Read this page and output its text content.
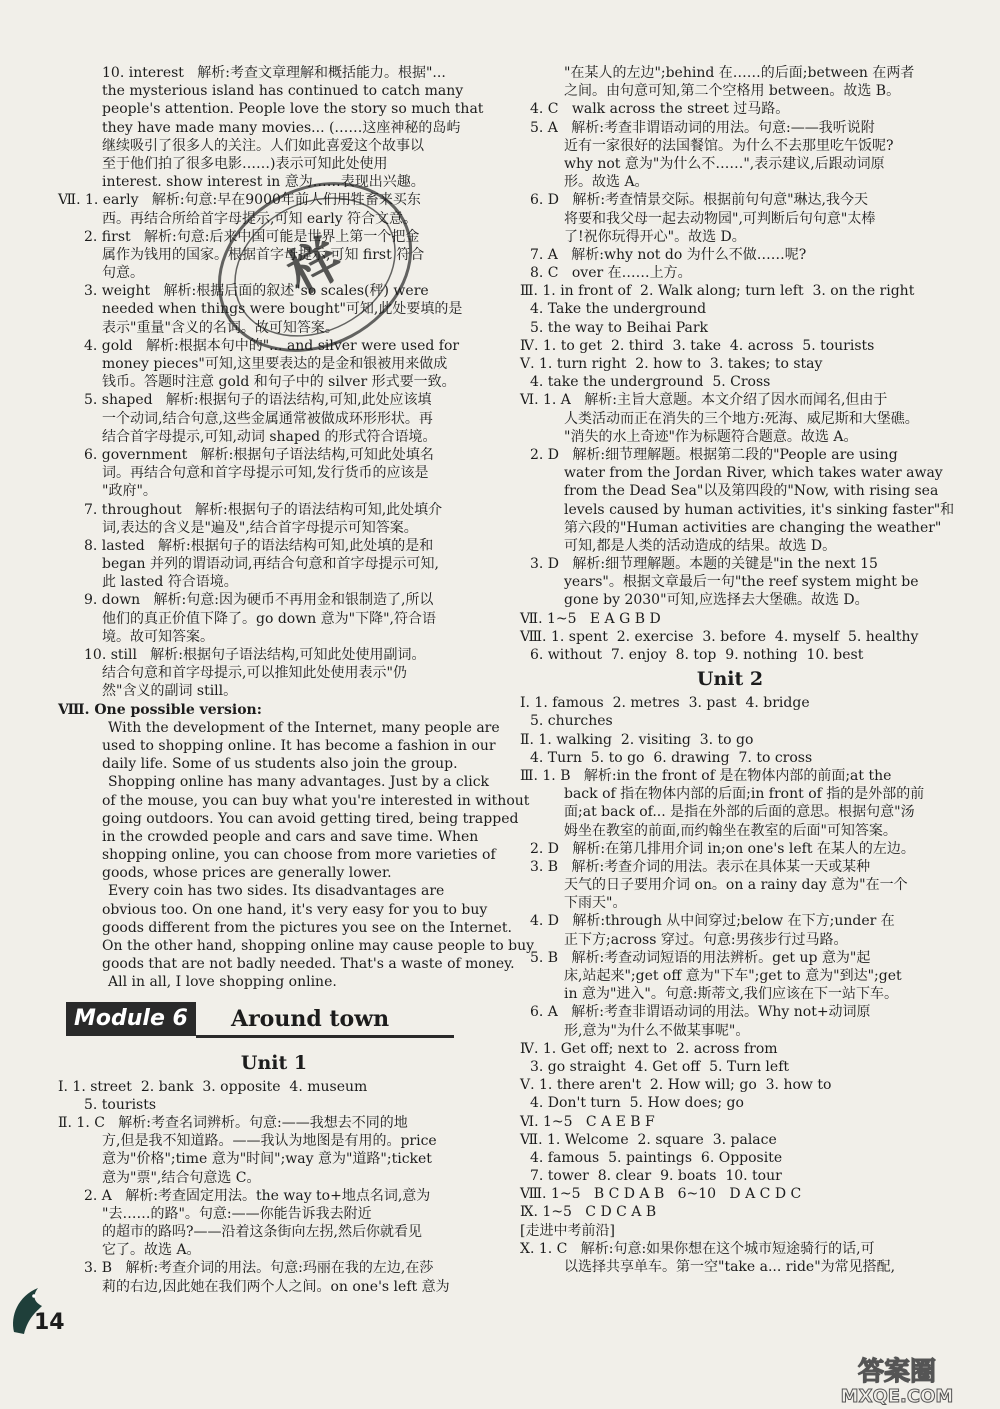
样
10. interest   解析:考查文章理解和概括能力。根据"...
the mysterious island has continued to catch many
people's attention. People love the story so much that
they have made many movies... (……这座神秘的岛屿
继续吸引了很多人的关注。人们如此喜爱这个故事以
至于他们拍了很多电影……)表示可知此处使用
interest. show interest in 意为……表现出兴趣。
Ⅶ. 1. early   解析:句意:早在9000年前人们用牲畜来买东
西。再结合所给首字母提示,可知 early 符合文意。
2. first   解析:句意:后来中国可能是世界上第一个把金
属作为钱用的国家。根据首字母提示,可知 first 符合
句意。
3. weight   解析:根据后面的叙述"so scales(秤) were
needed when things were bought"可知,此处要填的是
表示"重量"含义的名词。故可知答案。
4. gold   解析:根据本句中的"... and silver were used for
money pieces"可知,这里要表达的是金和银被用来做成
钱币。答题时注意 gold 和句子中的 silver 形式要一致。
5. shaped   解析:根据句子的语法结构,可知,此处应该填
一个动词,结合句意,这些金属通常被做成环形形状。再
结合首字母提示,可知,动词 shaped 的形式符合语境。
6. government   解析:根据句子语法结构,可知此处填名
词。再结合句意和首字母提示可知,发行货币的应该是
"政府"。
7. throughout   解析:根据句子的语法结构可知,此处填介
词,表达的含义是"遍及",结合首字母提示可知答案。
8. lasted   解析:根据句子的语法结构可知,此处填的是和
began 并列的谓语动词,再结合句意和首字母提示可知,
此 lasted 符合语境。
9. down   解析:句意:因为硬币不再用金和银制造了,所以
他们的真正价值下降了。go down 意为"下降",符合语
境。故可知答案。
10. still   解析:根据句子语法结构,可知此处使用副词。
结合句意和首字母提示,可以推知此处使用表示"仍
然"含义的副词 still。
Ⅷ. One possible version:
With the development of the Internet, many people are
used to shopping online. It has become a fashion in our
daily life. Some of us students also join the group.
Shopping online has many advantages. Just by a click
of the mouse, you can buy what you're interested in without
going outdoors. You can avoid getting tired, being trapped
in the crowded people and cars and save time. When
shopping online, you can choose from more varieties of
goods, whose prices are generally lower.
Every coin has two sides. Its disadvantages are
obvious too. On one hand, it's very easy for you to buy
goods different from the pictures you see on the Internet.
On the other hand, shopping online may cause people to buy
goods that are not badly needed. That's a waste of money.
All in all, I love shopping online.
Module 6	Around town
Unit 1
Ⅰ. 1. street  2. bank  3. opposite  4. museum
5. tourists
Ⅱ. 1. C   解析:考查名词辨析。句意:——我想去不同的地
方,但是我不知道路。——我认为地图是有用的。price
意为"价格";time 意为"时间";way 意为"道路";ticket
意为"票",结合句意选 C。
2. A   解析:考查固定用法。the way to+地点名词,意为
"去……的路"。句意:——你能告诉我去附近
的超市的路吗?——沿着这条街向左拐,然后你就看见
它了。故选 A。
3. B   解析:考查介词的用法。句意:玛丽在我的左边,在莎
莉的右边,因此她在我们两个人之间。on one's left 意为
"在某人的左边";behind 在……的后面;between 在两者
之间。由句意可知,第二个空格用 between。故选 B。
4. C   walk across the street 过马路。
5. A   解析:考查非谓语动词的用法。句意:——我听说附
近有一家很好的法国餐馆。为什么不去那里吃午饭呢?
why not 意为"为什么不……",表示建议,后跟动词原
形。故选 A。
6. D   解析:考查情景交际。根据前句句意"琳达,我今天
将要和我父母一起去动物园",可判断后句句意"太棒
了!祝你玩得开心"。故选 D。
7. A   解析:why not do 为什么不做……呢?
8. C   over 在……上方。
Ⅲ. 1. in front of  2. Walk along; turn left  3. on the right
4. Take the underground
5. the way to Beihai Park
Ⅳ. 1. to get  2. third  3. take  4. across  5. tourists
Ⅴ. 1. turn right  2. how to  3. takes; to stay
4. take the underground  5. Cross
Ⅵ. 1. A   解析:主旨大意题。本文介绍了因水而闻名,但由于
人类活动而正在消失的三个地方:死海、威尼斯和大堡礁。
"消失的水上奇迹"作为标题符合题意。故选 A。
2. D   解析:细节理解题。根据第二段的"People are using
water from the Jordan River, which takes water away
from the Dead Sea"以及第四段的"Now, with rising sea
levels caused by human activities, it's sinking faster"和
第六段的"Human activities are changing the weather"
可知,都是人类的活动造成的结果。故选 D。
3. D   解析:细节理解题。本题的关键是"in the next 15
years"。根据文章最后一句"the reef system might be
gone by 2030"可知,应选择去大堡礁。故选 D。
Ⅶ. 1~5   E A G B D
Ⅷ. 1. spent  2. exercise  3. before  4. myself  5. healthy
6. without  7. enjoy  8. top  9. nothing  10. best
Unit 2
Ⅰ. 1. famous  2. metres  3. past  4. bridge
5. churches
Ⅱ. 1. walking  2. visiting  3. to go
4. Turn  5. to go  6. drawing  7. to cross
Ⅲ. 1. B   解析:in the front of 是在物体内部的前面;at the
back of 指在物体内部的后面;in front of 指的是外部的前
面;at back of... 是指在外部的后面的意思。根据句意"汤
姆坐在教室的前面,而约翰坐在教室的后面"可知答案。
2. D   解析:在第几排用介词 in;on one's left 在某人的左边。
3. B   解析:考查介词的用法。表示在具体某一天或某种
天气的日子要用介词 on。on a rainy day 意为"在一个
下雨天"。
4. D   解析:through 从中间穿过;below 在下方;under 在
正下方;across 穿过。句意:男孩步行过马路。
5. B   解析:考查动词短语的用法辨析。get up 意为"起
床,站起来";get off 意为"下车";get to 意为"到达";get
in 意为"进入"。句意:斯蒂文,我们应该在下一站下车。
6. A   解析:考查非谓语动词的用法。Why not+动词原
形,意为"为什么不做某事呢"。
Ⅳ. 1. Get off; next to  2. across from
3. go straight  4. Get off  5. Turn left
Ⅴ. 1. there aren't  2. How will; go  3. how to
4. Don't turn  5. How does; go
Ⅵ. 1~5   C A E B F
Ⅶ. 1. Welcome  2. square  3. palace
4. famous  5. paintings  6. Opposite
7. tower  8. clear  9. boats  10. tour
Ⅷ. 1~5   B C D A B   6~10   D A C D C
Ⅸ. 1~5   C D C A B
[走进中考前沿]
Ⅹ. 1. C   解析:句意:如果你想在这个城市短途骑行的话,可
以选择共享单车。第一空"take a... ride"为常见搭配,
14
答案圈
MXQE.COM
